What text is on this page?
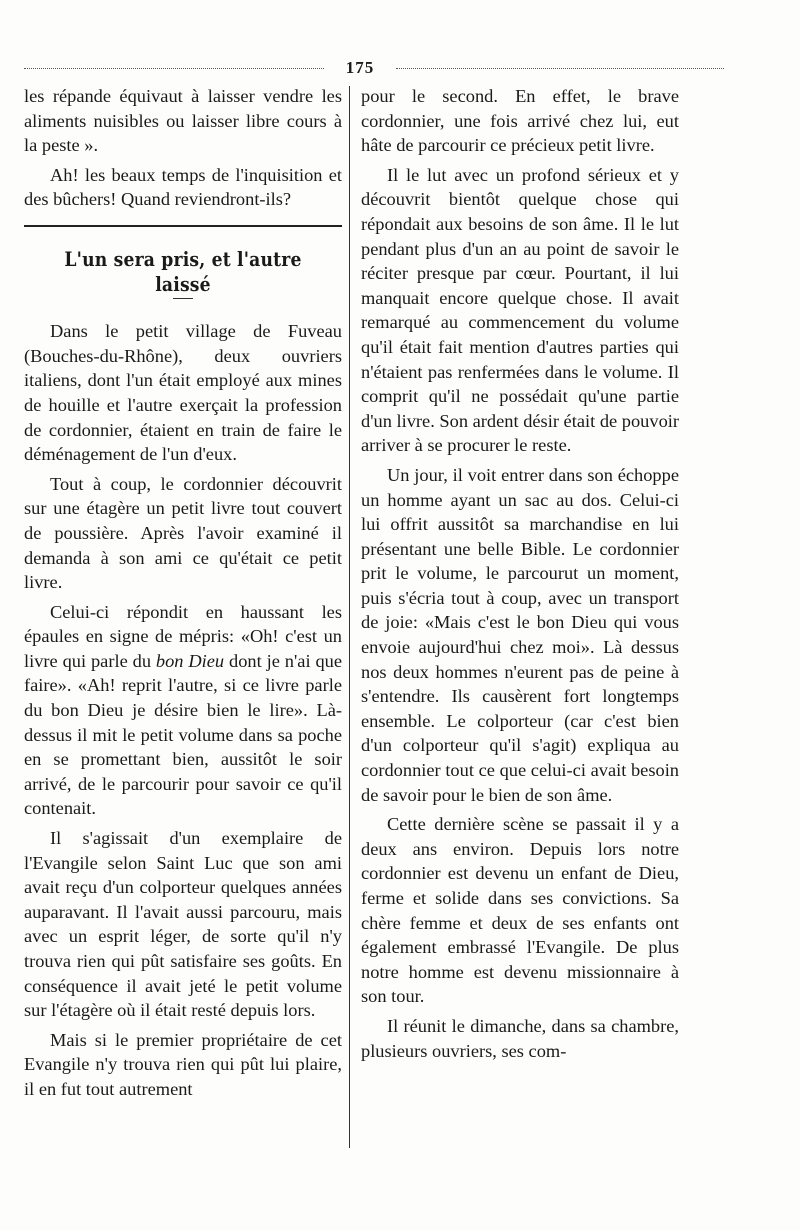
175

les répande équivaut à laisser vendre les aliments nuisibles ou laisser libre cours à la peste ».

Ah! les beaux temps de l'inquisition et des bûchers! Quand reviendront-ils?

L'un sera pris, et l'autre laissé

Dans le petit village de Fuveau (Bouches-du-Rhône), deux ouvriers italiens, dont l'un était employé aux mines de houille et l'autre exerçait la profession de cordonnier, étaient en train de faire le déménagement de l'un d'eux.

Tout à coup, le cordonnier découvrit sur une étagère un petit livre tout couvert de poussière. Après l'avoir examiné il demanda à son ami ce qu'était ce petit livre.

Celui-ci répondit en haussant les épaules en signe de mépris: «Oh! c'est un livre qui parle du bon Dieu dont je n'ai que faire». «Ah! reprit l'autre, si ce livre parle du bon Dieu je désire bien le lire». Là-dessus il mit le petit volume dans sa poche en se promettant bien, aussitôt le soir arrivé, de le parcourir pour savoir ce qu'il contenait.

Il s'agissait d'un exemplaire de l'Evangile selon Saint Luc que son ami avait reçu d'un colporteur quelques années auparavant. Il l'avait aussi parcouru, mais avec un esprit léger, de sorte qu'il n'y trouva rien qui pût satisfaire ses goûts. En conséquence il avait jeté le petit volume sur l'étagère où il était resté depuis lors.

Mais si le premier propriétaire de cet Evangile n'y trouva rien qui pût lui plaire, il en fut tout autrement

pour le second. En effet, le brave cordonnier, une fois arrivé chez lui, eut hâte de parcourir ce précieux petit livre.

Il le lut avec un profond sérieux et y découvrit bientôt quelque chose qui répondait aux besoins de son âme. Il le lut pendant plus d'un an au point de savoir le réciter presque par cœur. Pourtant, il lui manquait encore quelque chose. Il avait remarqué au commencement du volume qu'il était fait mention d'autres parties qui n'étaient pas renfermées dans le volume. Il comprit qu'il ne possédait qu'une partie d'un livre. Son ardent désir était de pouvoir arriver à se procurer le reste.

Un jour, il voit entrer dans son échoppe un homme ayant un sac au dos. Celui-ci lui offrit aussitôt sa marchandise en lui présentant une belle Bible. Le cordonnier prit le volume, le parcourut un moment, puis s'écria tout à coup, avec un transport de joie: «Mais c'est le bon Dieu qui vous envoie aujourd'hui chez moi». Là dessus nos deux hommes n'eurent pas de peine à s'entendre. Ils causèrent fort longtemps ensemble. Le colporteur (car c'est bien d'un colporteur qu'il s'agit) expliqua au cordonnier tout ce que celui-ci avait besoin de savoir pour le bien de son âme.

Cette dernière scène se passait il y a deux ans environ. Depuis lors notre cordonnier est devenu un enfant de Dieu, ferme et solide dans ses convictions. Sa chère femme et deux de ses enfants ont également embrassé l'Evangile. De plus notre homme est devenu missionnaire à son tour.

Il réunit le dimanche, dans sa chambre, plusieurs ouvriers, ses com-
